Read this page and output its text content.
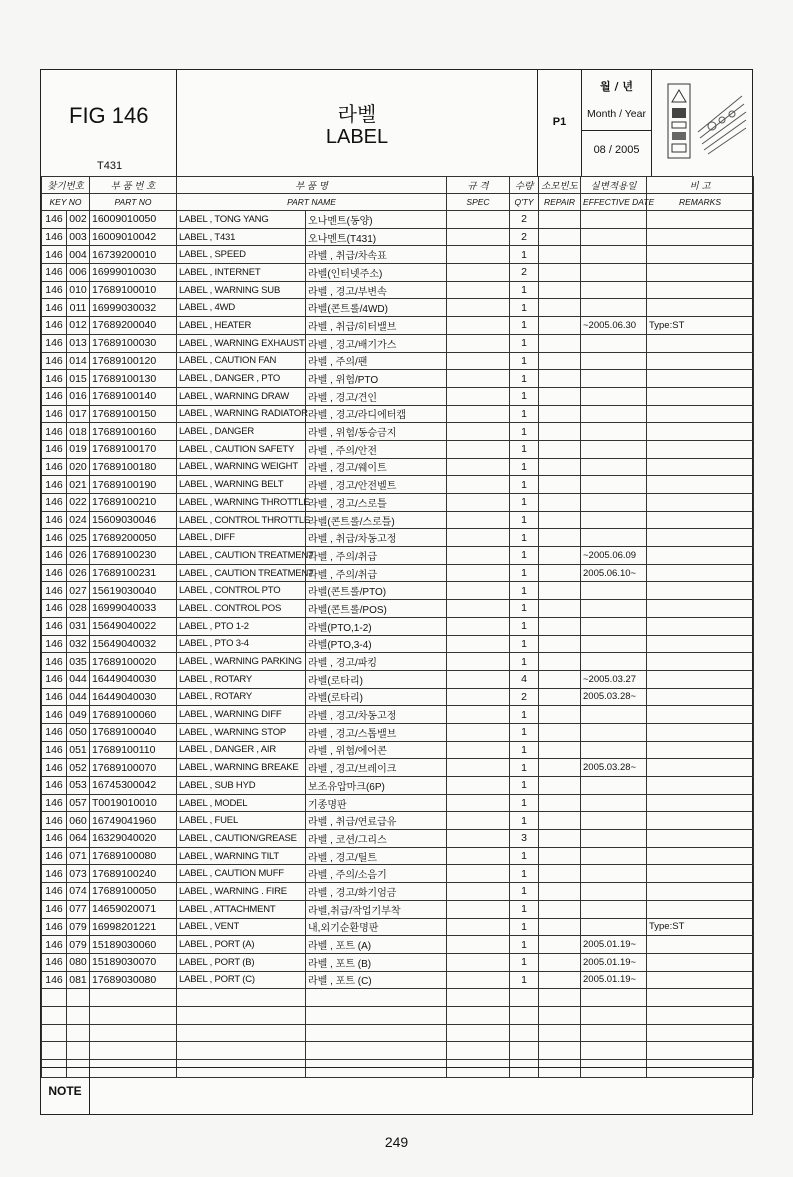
FIG 146
T431
라벨
LABEL
P1
월 / 년
Month / Year
08 / 2005
찾기번호		부 품 번 호	부 품 명		규 격	수량	소모빈도	실변적용일	비 고
KEY NO		PART NO	PART NAME		SPEC	Q'TY	REPAIR	EFFECTIVE DATE	REMARKS
146	002	16009010050	LABEL , TONG YANG	오나멘트(동양)		2			
146	003	16009010042	LABEL , T431	오나멘트(T431)		2			
146	004	16739200010	LABEL , SPEED	라벨 , 취급/차속표		1			
146	006	16999010030	LABEL , INTERNET	라벨(인터넷주소)		2			
146	010	17689100010	LABEL , WARNING SUB	라벨 , 경고/부변속		1			
146	011	16999030032	LABEL , 4WD	라벨(콘트롤/4WD)		1			
146	012	17689200040	LABEL , HEATER	라벨 , 취급/히터밸브		1		~2005.06.30	Type:ST
146	013	17689100030	LABEL , WARNING EXHAUST	라벨 , 경고/배기가스		1			
146	014	17689100120	LABEL , CAUTION FAN	라벨 , 주의/팬		1			
146	015	17689100130	LABEL , DANGER , PTO	라벨 , 위험/PTO		1			
146	016	17689100140	LABEL , WARNING DRAW	라벨 , 경고/견인		1			
146	017	17689100150	LABEL , WARNING RADIATOR	라벨 , 경고/라디에터캡		1			
146	018	17689100160	LABEL , DANGER	라벨 , 위험/동승금지		1			
146	019	17689100170	LABEL , CAUTION SAFETY	라벨 , 주의/안전		1			
146	020	17689100180	LABEL , WARNING WEIGHT	라벨 , 경고/웨이트		1			
146	021	17689100190	LABEL , WARNING BELT	라벨 , 경고/안전벨트		1			
146	022	17689100210	LABEL , WARNING THROTTLE	라벨 , 경고/스로틀		1			
146	024	15609030046	LABEL , CONTROL THROTTLE	라벨(콘트롤/스로틀)		1			
146	025	17689200050	LABEL , DIFF	라벨 , 취급/차동고정		1			
146	026	17689100230	LABEL , CAUTION TREATMENT	라벨 , 주의/취급		1		~2005.06.09	
146	026	17689100231	LABEL , CAUTION TREATMENT	라벨 , 주의/취급		1		2005.06.10~	
146	027	15619030040	LABEL , CONTROL PTO	라벨(콘트롤/PTO)		1			
146	028	16999040033	LABEL . CONTROL POS	라벨(콘트롤/POS)		1			
146	031	15649040022	LABEL , PTO 1-2	라벨(PTO,1-2)		1			
146	032	15649040032	LABEL , PTO 3-4	라벨(PTO,3-4)		1			
146	035	17689100020	LABEL , WARNING PARKING	라벨 , 경고/파킹		1			
146	044	16449040030	LABEL , ROTARY	라벨(로타리)		4		~2005.03.27	
146	044	16449040030	LABEL , ROTARY	라벨(로타리)		2		2005.03.28~	
146	049	17689100060	LABEL , WARNING DIFF	라벨 , 경고/차동고정		1			
146	050	17689100040	LABEL , WARNING STOP	라벨 , 경고/스톱밸브		1			
146	051	17689100110	LABEL , DANGER , AIR	라벨 , 위험/에어콘		1			
146	052	17689100070	LABEL , WARNING BREAKE	라벨 , 경고/브레이크		1		2005.03.28~	
146	053	16745300042	LABEL , SUB HYD	보조유압마크(6P)		1			
146	057	T0019010010	LABEL , MODEL	기종명판		1			
146	060	16749041960	LABEL , FUEL	라벨 , 취급/연료급유		1			
146	064	16329040020	LABEL , CAUTION/GREASE	라벨 , 코션/그리스		3			
146	071	17689100080	LABEL , WARNING TILT	라벨 , 경고/틸트		1			
146	073	17689100240	LABEL , CAUTION MUFF	라벨 , 주의/소음기		1			
146	074	17689100050	LABEL , WARNING . FIRE	라벨 , 경고/화기엄금		1			
146	077	14659020071	LABEL , ATTACHMENT	라벨,취급/작업기부착		1			
146	079	16998201221	LABEL , VENT	내,외기순환명판		1			Type:ST
146	079	15189030060	LABEL , PORT (A)	라벨 , 포트 (A)		1		2005.01.19~	
146	080	15189030070	LABEL , PORT (B)	라벨 , 포트 (B)		1		2005.01.19~	
146	081	17689030080	LABEL , PORT (C)	라벨 , 포트 (C)		1		2005.01.19~	

NOTE
249
